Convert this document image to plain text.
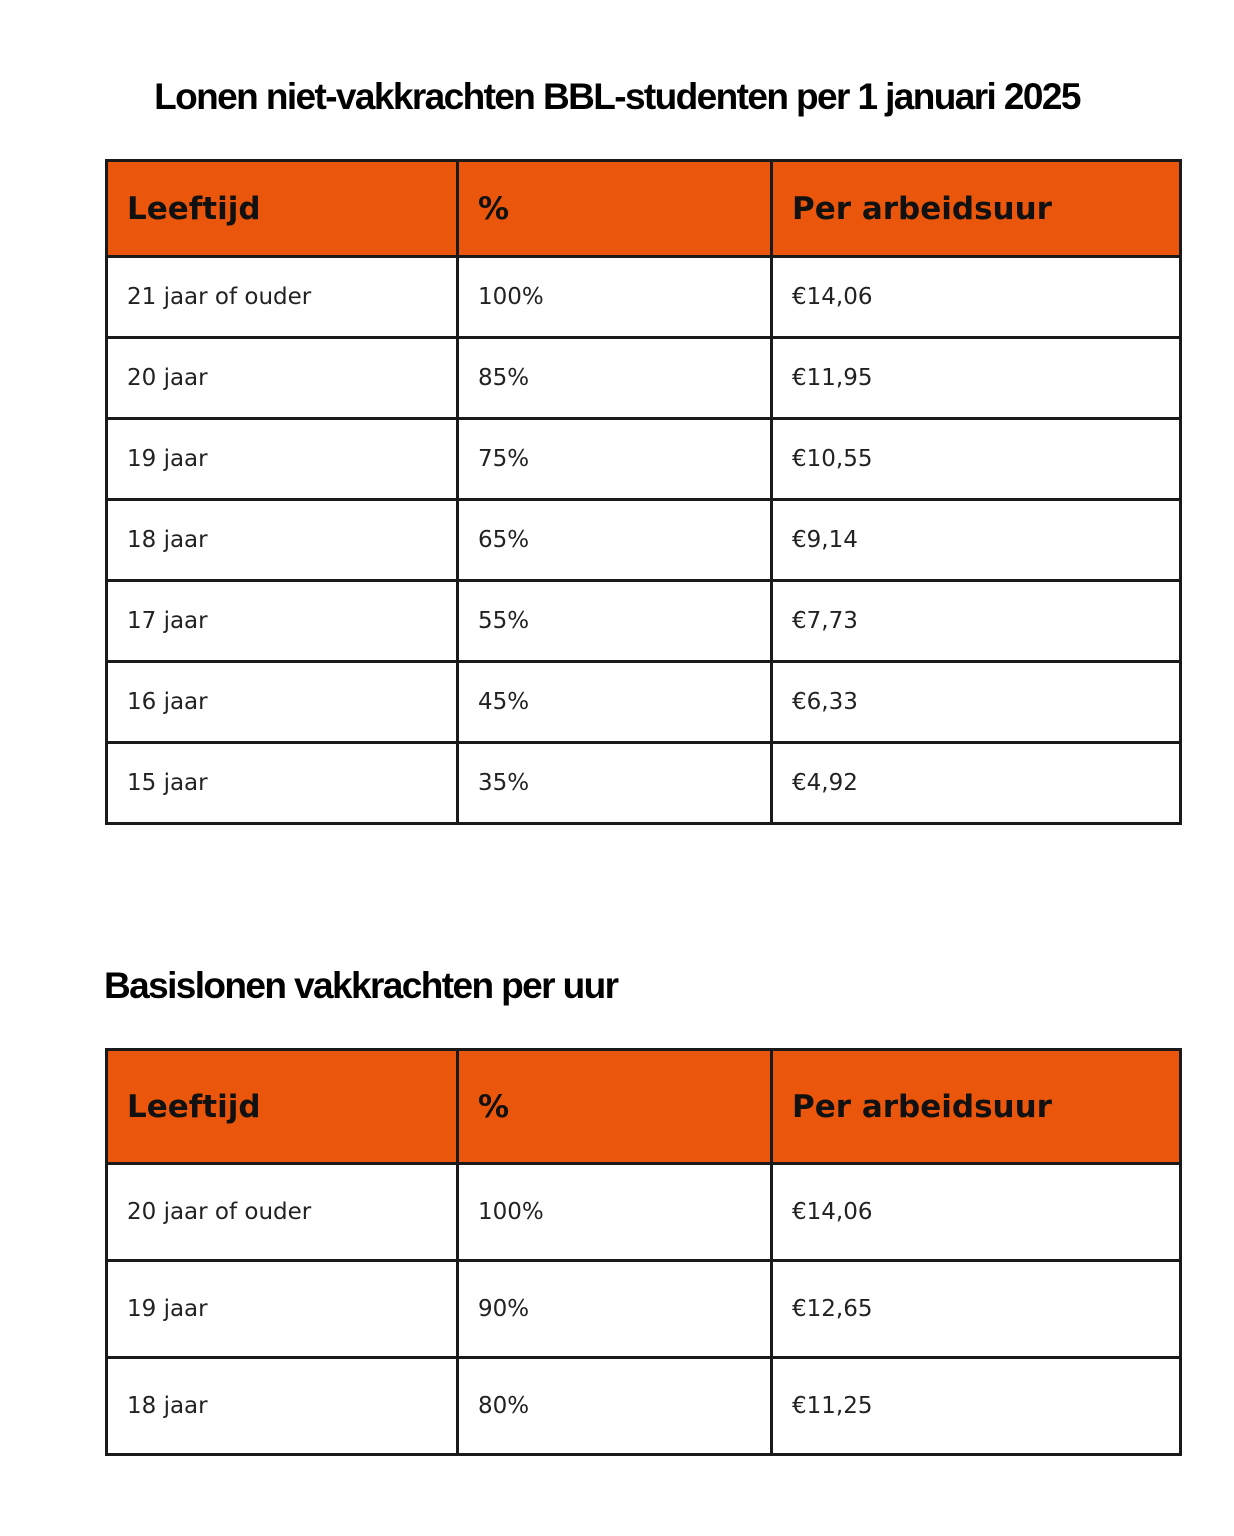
Lonen niet-vakkrachten BBL-studenten per 1 januari 2025
Leeftijd	%	Per arbeidsuur
21 jaar of ouder	100%	€14,06
20 jaar	85%	€11,95
19 jaar	75%	€10,55
18 jaar	65%	€9,14
17 jaar	55%	€7,73
16 jaar	45%	€6,33
15 jaar	35%	€4,92
Basislonen vakkrachten per uur
Leeftijd	%	Per arbeidsuur
20 jaar of ouder	100%	€14,06
19 jaar	90%	€12,65
18 jaar	80%	€11,25
